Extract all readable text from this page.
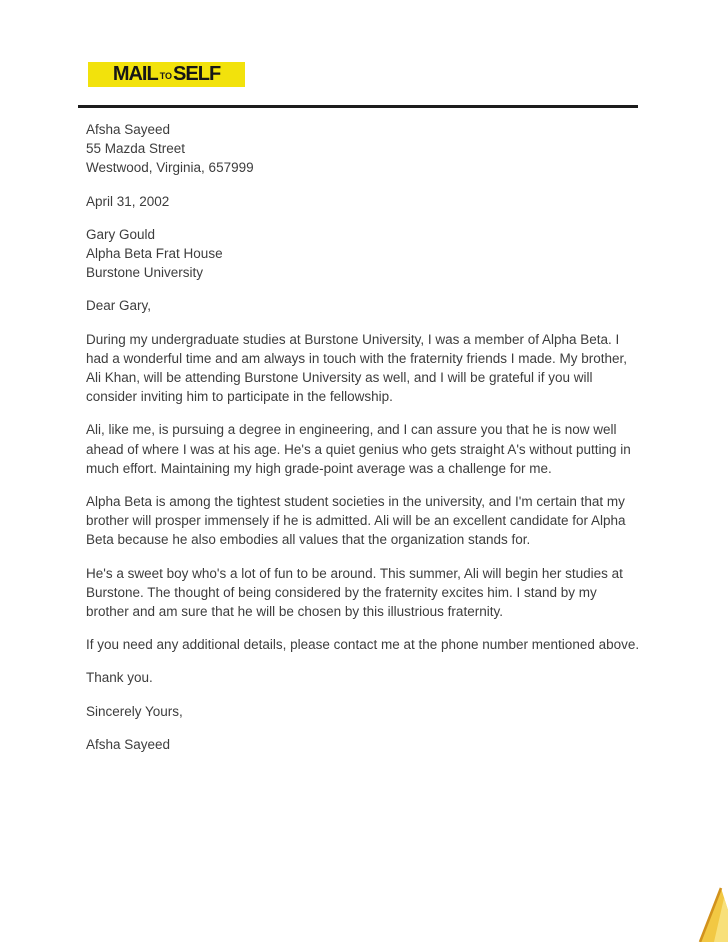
MAIL TO SELF
Afsha Sayeed
55 Mazda Street
Westwood, Virginia, 657999
April 31, 2002
Gary Gould
Alpha Beta Frat House
Burstone University
Dear Gary,

During my undergraduate studies at Burstone University, I was a member of Alpha Beta. I had a wonderful time and am always in touch with the fraternity friends I made. My brother, Ali Khan, will be attending Burstone University as well, and I will be grateful if you will consider inviting him to participate in the fellowship.

Ali, like me, is pursuing a degree in engineering, and I can assure you that he is now well ahead of where I was at his age. He's a quiet genius who gets straight A's without putting in much effort. Maintaining my high grade-point average was a challenge for me.

Alpha Beta is among the tightest student societies in the university, and I'm certain that my brother will prosper immensely if he is admitted. Ali will be an excellent candidate for Alpha Beta because he also embodies all values that the organization stands for.

He's a sweet boy who's a lot of fun to be around. This summer, Ali will begin her studies at Burstone. The thought of being considered by the fraternity excites him. I stand by my brother and am sure that he will be chosen by this illustrious fraternity.

If you need any additional details, please contact me at the phone number mentioned above.

Thank you.

Sincerely Yours,

Afsha Sayeed
